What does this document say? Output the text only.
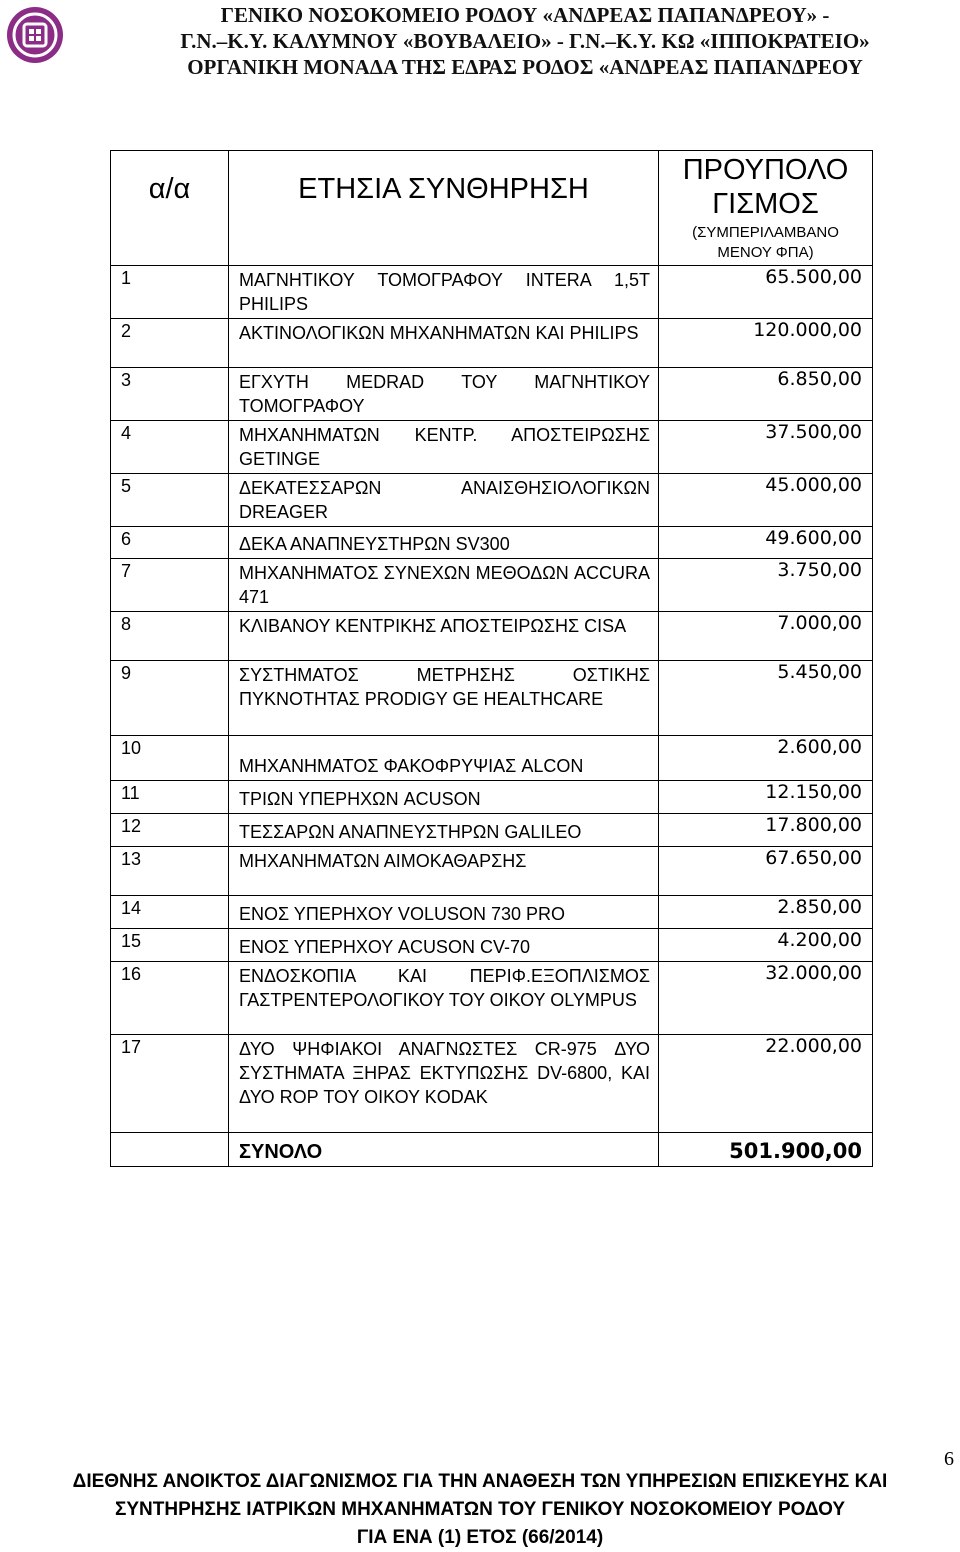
ΓΕΝΙΚΟ ΝΟΣΟΚΟΜΕΙΟ ΡΟΔΟΥ «ΑΝΔΡΕΑΣ ΠΑΠΑΝΔΡΕΟΥ» -
Γ.Ν.–Κ.Υ. ΚΑΛΥΜΝΟΥ «ΒΟΥΒΑΛΕΙΟ» - Γ.Ν.–Κ.Υ. ΚΩ «ΙΠΠΟΚΡΑΤΕΙΟ»
ΟΡΓΑΝΙΚΗ ΜΟΝΑΔΑ ΤΗΣ ΕΔΡΑΣ ΡΟΔΟΣ «ΑΝΔΡΕΑΣ ΠΑΠΑΝΔΡΕΟΥ
α/α	ΕΤΗΣΙΑ ΣΥΝΘΗΡΗΣΗ	ΠΡΟΥΠΟΛΟ ΓΙΣΜΟΣ
(ΣΥΜΠΕΡΙΛΑΜΒΑΝΟ ΜΕΝΟΥ ΦΠΑ)

1	ΜΑΓΝΗΤΙΚΟΥ ΤΟΜΟΓΡΑΦΟΥ INTERA 1,5T PHILIPS	65.500,00
2	ΑΚΤΙΝΟΛΟΓΙΚΩΝ ΜΗΧΑΝΗΜΑΤΩΝ ΚΑΙ PHILIPS	120.000,00
3	ΕΓΧΥΤΗ MEDRAD ΤΟΥ ΜΑΓΝΗΤΙΚΟΥ ΤΟΜΟΓΡΑΦΟΥ	6.850,00
4	ΜΗΧΑΝΗΜΑΤΩΝ ΚΕΝΤΡ. ΑΠΟΣΤΕΙΡΩΣΗΣ GETINGE	37.500,00
5	ΔΕΚΑΤΕΣΣΑΡΩΝ ΑΝΑΙΣΘΗΣΙΟΛΟΓΙΚΩΝ DREAGER	45.000,00
6	ΔΕΚΑ ΑΝΑΠΝΕΥΣΤΗΡΩΝ SV300	49.600,00
7	ΜΗΧΑΝΗΜΑΤΟΣ ΣΥΝΕΧΩΝ ΜΕΘΟΔΩΝ ACCURA 471	3.750,00
8	ΚΛΙΒΑΝΟΥ ΚΕΝΤΡΙΚΗΣ ΑΠΟΣΤΕΙΡΩΣΗΣ CISA	7.000,00
9	ΣΥΣΤΗΜΑΤΟΣ ΜΕΤΡΗΣΗΣ ΟΣΤΙΚΗΣ ΠΥΚΝΟΤΗΤΑΣ PRODIGY GE HEALTHCARE	5.450,00
10	ΜΗΧΑΝΗΜΑΤΟΣ ΦΑΚΟΦΡΥΨΙΑΣ ALCON	2.600,00
11	ΤΡΙΩΝ ΥΠΕΡΗΧΩΝ ACUSON	12.150,00
12	ΤΕΣΣΑΡΩΝ ΑΝΑΠΝΕΥΣΤΗΡΩΝ GALILEO	17.800,00
13	ΜΗΧΑΝΗΜΑΤΩΝ ΑΙΜΟΚΑΘΑΡΣΗΣ	67.650,00
14	ΕΝΟΣ ΥΠΕΡΗΧΟΥ VOLUSON 730 PRO	2.850,00
15	ΕΝΟΣ ΥΠΕΡΗΧΟΥ ACUSON CV-70	4.200,00
16	ΕΝΔΟΣΚΟΠΙΑ ΚΑΙ ΠΕΡΙΦ.ΕΞΟΠΛΙΣΜΟΣ ΓΑΣΤΡΕΝΤΕΡΟΛΟΓΙΚΟΥ ΤΟΥ ΟΙΚΟΥ OLYMPUS	32.000,00
17	ΔΥΟ ΨΗΦΙΑΚΟΙ ΑΝΑΓΝΩΣΤΕΣ CR-975 ΔΥΟ ΣΥΣΤΗΜΑΤΑ ΞΗΡΑΣ ΕΚΤΥΠΩΣΗΣ DV-6800, ΚΑΙ ΔΥΟ ROP ΤΟΥ ΟΙΚΟΥ KODAK	22.000,00
	ΣΥΝΟΛΟ	501.900,00
6
ΔΙΕΘΝΗΣ ΑΝΟΙΚΤΟΣ ΔΙΑΓΩΝΙΣΜΟΣ ΓΙΑ ΤΗΝ ΑΝΑΘΕΣΗ ΤΩΝ ΥΠΗΡΕΣΙΩΝ ΕΠΙΣΚΕΥΗΣ ΚΑΙ
ΣΥΝΤΗΡΗΣΗΣ ΙΑΤΡΙΚΩΝ ΜΗΧΑΝΗΜΑΤΩΝ ΤΟΥ ΓΕΝΙΚΟΥ ΝΟΣΟΚΟΜΕΙΟΥ ΡΟΔΟΥ
ΓΙΑ ΕΝΑ (1) ΕΤΟΣ (66/2014)
